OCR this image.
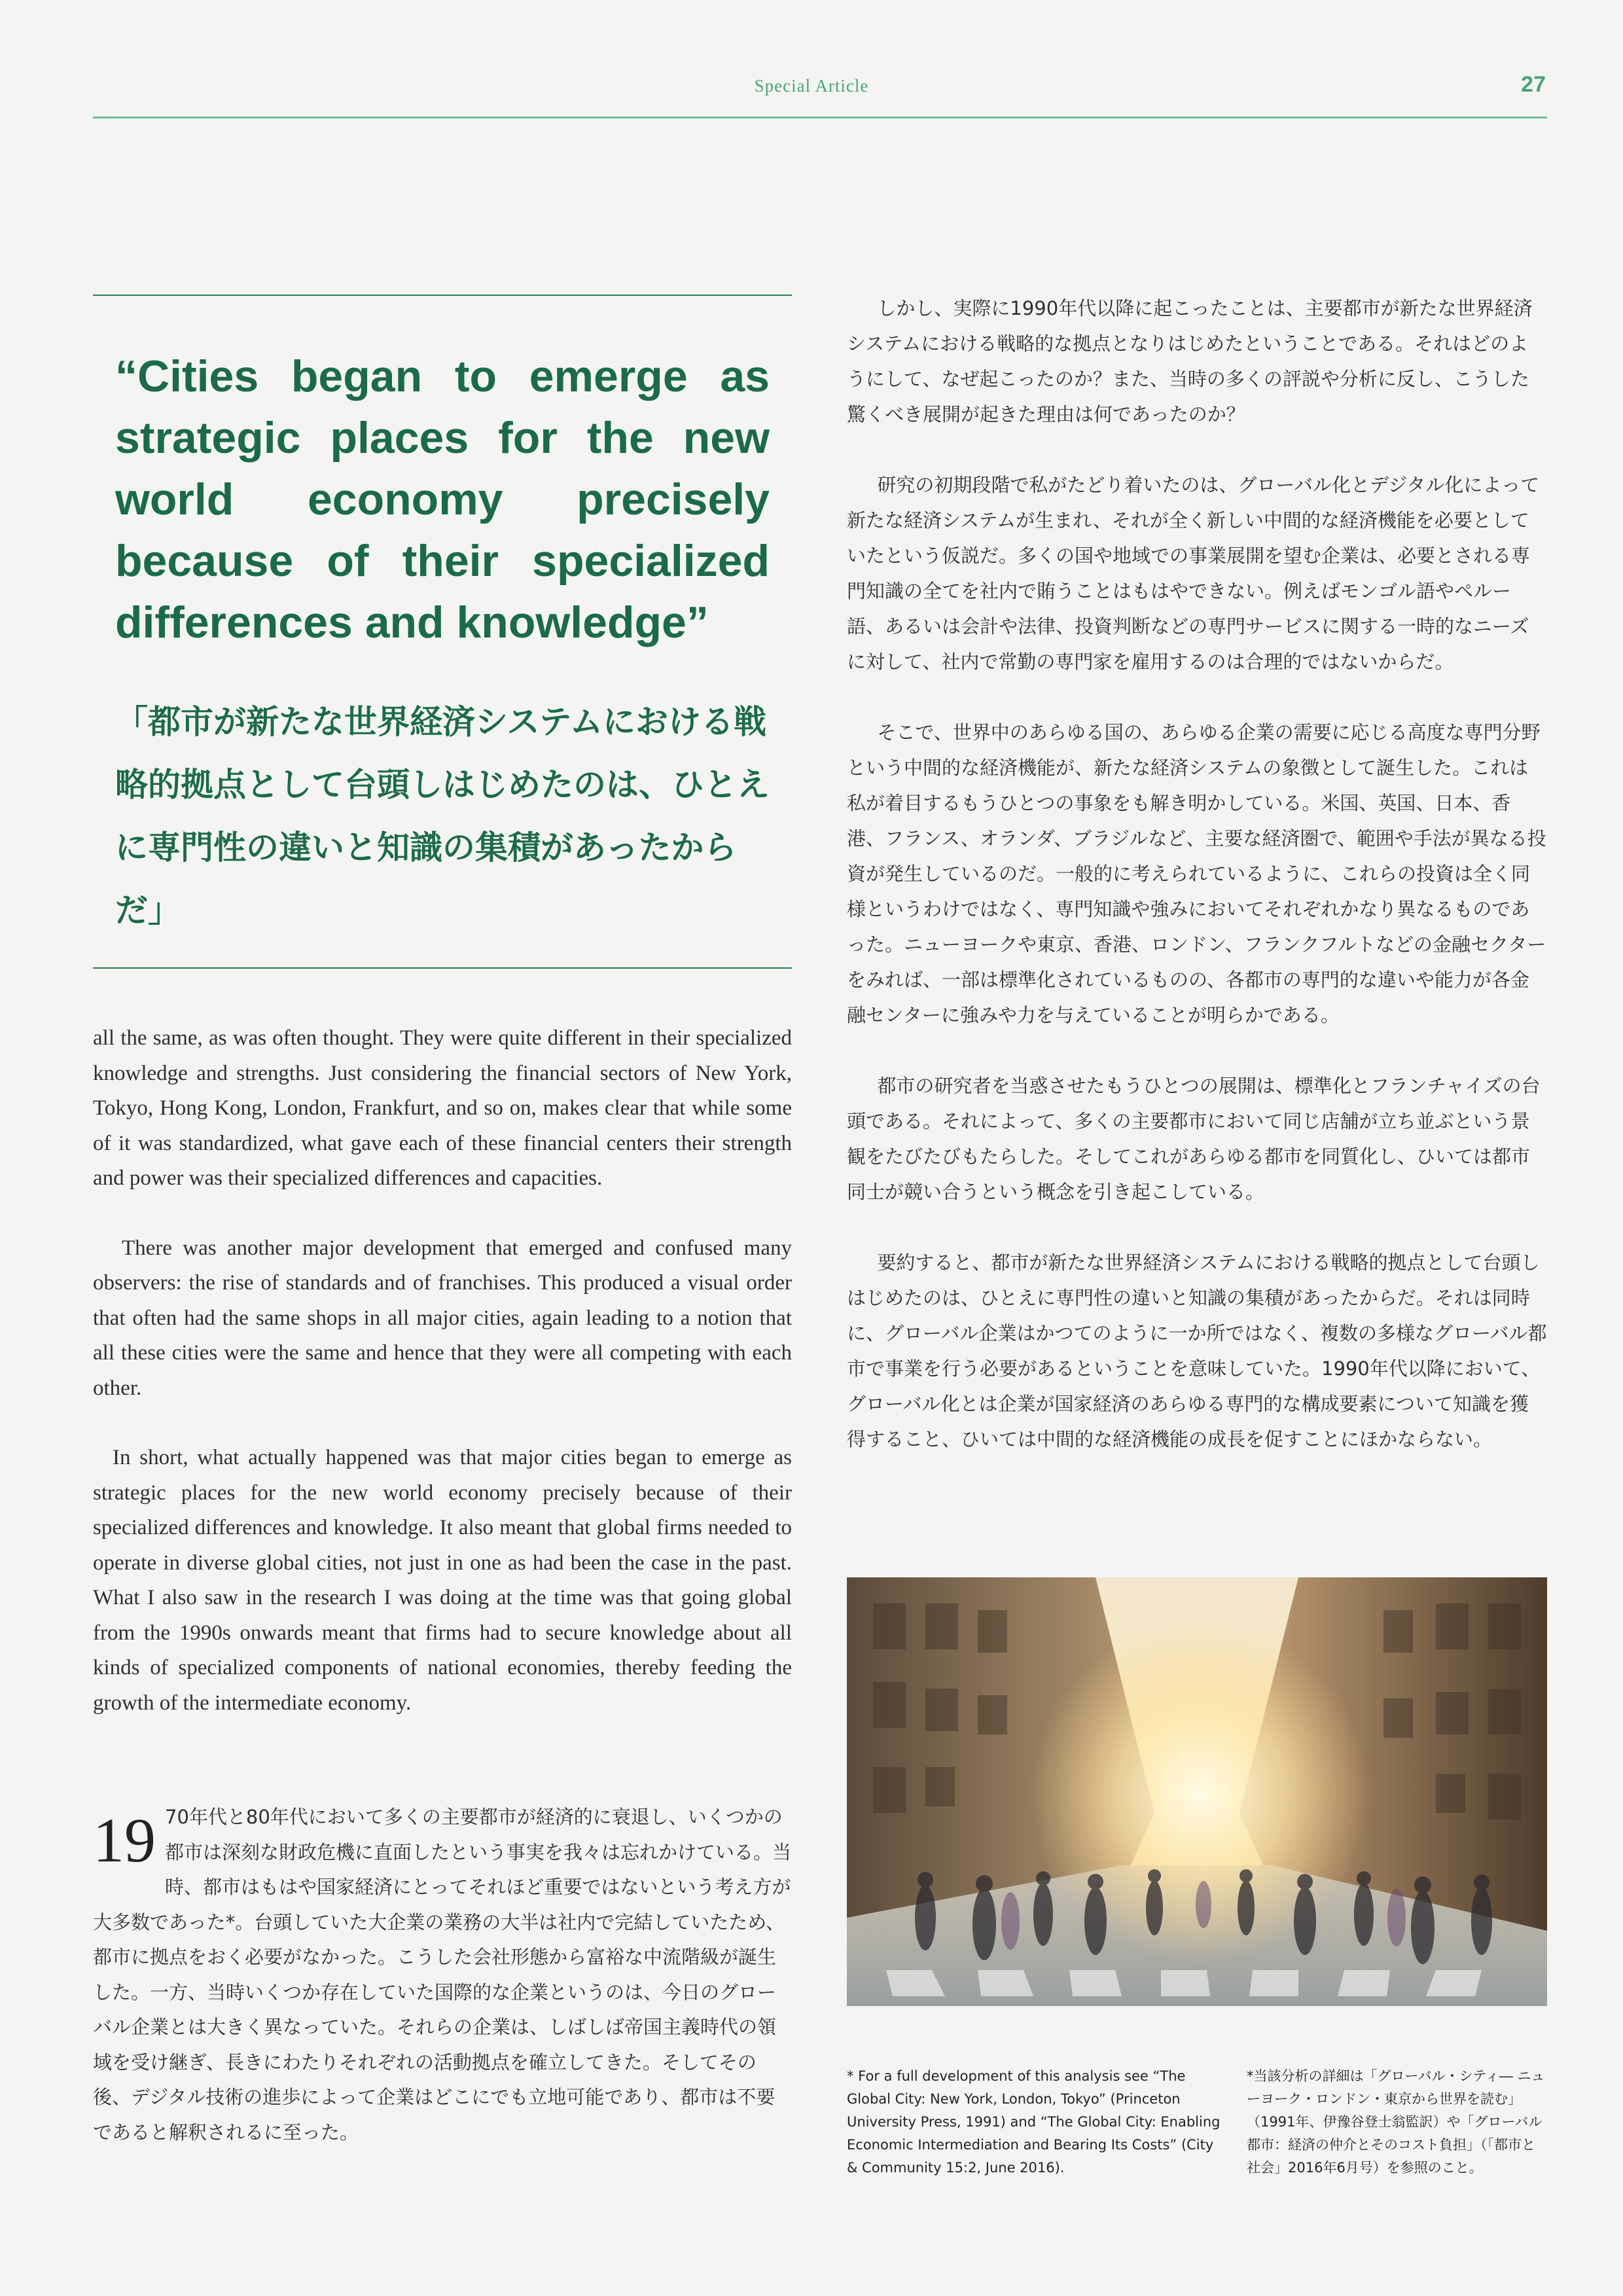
Special Article	27

“Cities began to emerge as strategic places for the new world economy precisely because of their specialized differences and knowledge”

「都市が新たな世界経済システムにおける戦略的拠点として台頭しはじめたのは、ひとえに専門性の違いと知識の集積があったからだ」

all the same, as was often thought. They were quite different in their specialized knowledge and strengths. Just considering the financial sectors of New York, Tokyo, Hong Kong, London, Frankfurt, and so on, makes clear that while some of it was standardized, what gave each of these financial centers their strength and power was their specialized differences and capacities.

There was another major development that emerged and confused many observers: the rise of standards and of franchises. This produced a visual order that often had the same shops in all major cities, again leading to a notion that all these cities were the same and hence that they were all competing with each other.

In short, what actually happened was that major cities began to emerge as strategic places for the new world economy precisely because of their specialized differences and knowledge. It also meant that global firms needed to operate in diverse global cities, not just in one as had been the case in the past. What I also saw in the research I was doing at the time was that going global from the 1990s onwards meant that firms had to secure knowledge about all kinds of specialized components of national economies, thereby feeding the growth of the intermediate economy.

19 70年代と80年代において多くの主要都市が経済的に衰退し、いくつかの都市は深刻な財政危機に直面したという事実を我々は忘れかけている。当時、都市はもはや国家経済にとってそれほど重要ではないという考え方が大多数であった*。台頭していた大企業の業務の大半は社内で完結していたため、都市に拠点をおく必要がなかった。こうした会社形態から富裕な中流階級が誕生した。一方、当時いくつか存在していた国際的な企業というのは、今日のグローバル企業とは大きく異なっていた。それらの企業は、しばしば帝国主義時代の領域を受け継ぎ、長きにわたりそれぞれの活動拠点を確立してきた。そしてその後、デジタル技術の進歩によって企業はどこにでも立地可能であり、都市は不要であると解釈されるに至った。

しかし、実際に1990年代以降に起こったことは、主要都市が新たな世界経済システムにおける戦略的な拠点となりはじめたということである。それはどのようにして、なぜ起こったのか？また、当時の多くの評説や分析に反し、こうした驚くべき展開が起きた理由は何であったのか？

研究の初期段階で私がたどり着いたのは、グローバル化とデジタル化によって新たな経済システムが生まれ、それが全く新しい中間的な経済機能を必要としていたという仮説だ。多くの国や地域での事業展開を望む企業は、必要とされる専門知識の全てを社内で賄うことはもはやできない。例えばモンゴル語やペルー語、あるいは会計や法律、投資判断などの専門サービスに関する一時的なニーズに対して、社内で常勤の専門家を雇用するのは合理的ではないからだ。

そこで、世界中のあらゆる国の、あらゆる企業の需要に応じる高度な専門分野という中間的な経済機能が、新たな経済システムの象徴として誕生した。これは私が着目するもうひとつの事象をも解き明かしている。米国、英国、日本、香港、フランス、オランダ、ブラジルなど、主要な経済圏で、範囲や手法が異なる投資が発生しているのだ。一般的に考えられているように、これらの投資は全く同様というわけではなく、専門知識や強みにおいてそれぞれかなり異なるものであった。ニューヨークや東京、香港、ロンドン、フランクフルトなどの金融セクターをみれば、一部は標準化されているものの、各都市の専門的な違いや能力が各金融センターに強みや力を与えていることが明らかである。

都市の研究者を当惑させたもうひとつの展開は、標準化とフランチャイズの台頭である。それによって、多くの主要都市において同じ店舗が立ち並ぶという景観をたびたびもたらした。そしてこれがあらゆる都市を同質化し、ひいては都市同士が競い合うという概念を引き起こしている。

要約すると、都市が新たな世界経済システムにおける戦略的拠点として台頭しはじめたのは、ひとえに専門性の違いと知識の集積があったからだ。それは同時に、グローバル企業はかつてのように一か所ではなく、複数の多様なグローバル都市で事業を行う必要があるということを意味していた。1990年代以降において、グローバル化とは企業が国家経済のあらゆる専門的な構成要素について知識を獲得すること、ひいては中間的な経済機能の成長を促すことにほかならない。

* For a full development of this analysis see “The Global City: New York, London, Tokyo” (Princeton University Press, 1991) and “The Global City: Enabling Economic Intermediation and Bearing Its Costs” (City & Community 15:2, June 2016).

*当該分析の詳細は「グローバル・シティ― ニューヨーク・ロンドン・東京から世界を読む」（1991年、伊豫谷登士翁監訳）や「グローバル都市：経済の仲介とそのコスト負担」（「都市と社会」2016年6月号）を参照のこと。
